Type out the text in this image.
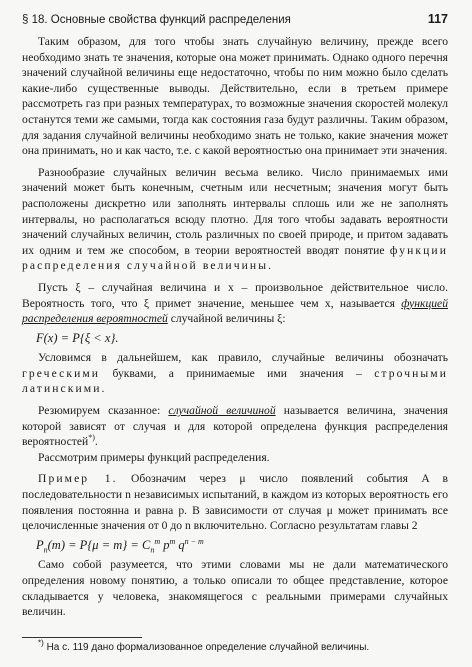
§ 18. Основные свойства функций распределения	117

Таким образом, для того чтобы знать случайную величину, прежде всего необходимо знать те значения, которые она может принимать. Однако одного перечня значений случайной величины еще недостаточно, чтобы по ним можно было сделать какие-либо существенные выводы. Действительно, если в третьем примере рассмотреть газ при разных температурах, то возможные значения скоростей молекул останутся теми же самыми, тогда как состояния газа будут различны. Таким образом, для задания случайной величины необходимо знать не только, какие значения может она принимать, но и как часто, т.е. с какой вероятностью она принимает эти значения.

Разнообразие случайных величин весьма велико. Число принимаемых ими значений может быть конечным, счетным или несчетным; значения могут быть расположены дискретно или заполнять интервалы сплошь или же не заполнять интервалы, но располагаться всюду плотно. Для того чтобы задавать вероятности значений случайных величин, столь различных по своей природе, и притом задавать их одним и тем же способом, в теории вероятностей вводят понятие функции распределения случайной величины.

Пусть ξ – случайная величина и x – произвольное действительное число. Вероятность того, что ξ примет значение, меньшее чем x, называется функцией распределения вероятностей случайной величины ξ:

F(x) = P{ξ < x}.

Условимся в дальнейшем, как правило, случайные величины обозначать греческими буквами, а принимаемые ими значения – строчными латинскими.

Резюмируем сказанное: случайной величиной называется величина, значения которой зависят от случая и для которой определена функция распределения вероятностей*).

Рассмотрим примеры функций распределения.

Пример 1. Обозначим через μ число появлений события A в последовательности n независимых испытаний, в каждом из которых вероятность его появления постоянна и равна p. В зависимости от случая μ может принимать все целочисленные значения от 0 до n включительно. Согласно результатам главы 2

$P_n(m) = P\{\mu = m\} = C_n^m$ $p^m$ $q^{n - m}$

Само собой разумеется, что этими словами мы не дали математического определения новому понятию, а только описали то общее представление, которое складывается у человека, знакомящегося с реальными примерами случайных величин.

*) На с. 119 дано формализованное определение случайной величины.
